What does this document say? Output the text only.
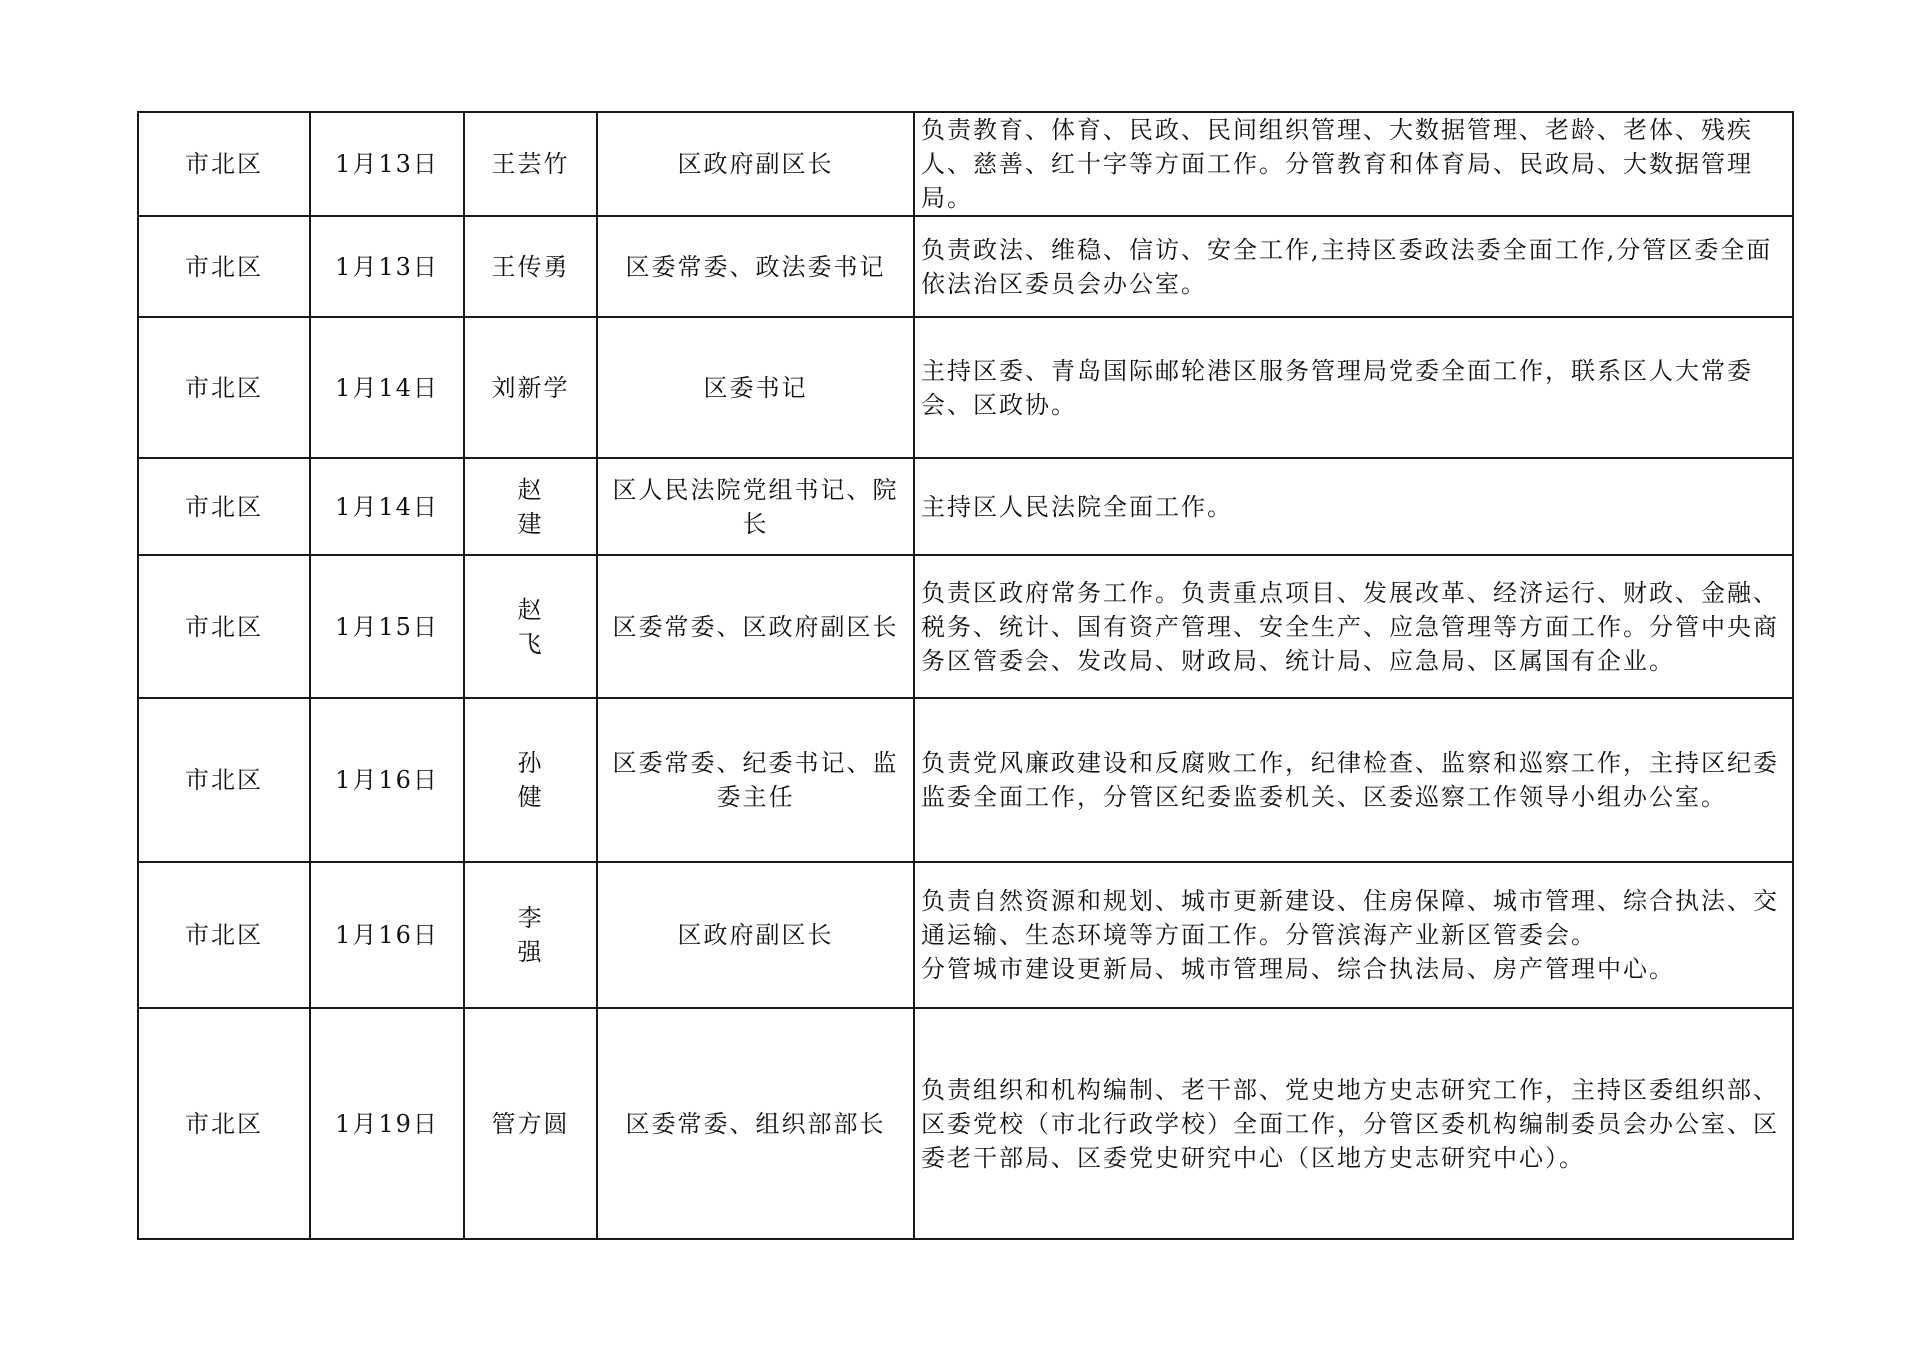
市北区	1月13日	王芸竹	区政府副区长	负责教育、体育、民政、民间组织管理、大数据管理、老龄、老体、残疾人、慈善、红十字等方面工作。分管教育和体育局、民政局、大数据管理局。
市北区	1月13日	王传勇	区委常委、政法委书记	负责政法、维稳、信访、安全工作,主持区委政法委全面工作,分管区委全面依法治区委员会办公室。
市北区	1月14日	刘新学	区委书记	主持区委、青岛国际邮轮港区服务管理局党委全面工作，联系区人大常委会、区政协。
市北区	1月14日	赵 建	区人民法院党组书记、院长	主持区人民法院全面工作。
市北区	1月15日	赵 飞	区委常委、区政府副区长	负责区政府常务工作。负责重点项目、发展改革、经济运行、财政、金融、税务、统计、国有资产管理、安全生产、应急管理等方面工作。分管中央商务区管委会、发改局、财政局、统计局、应急局、区属国有企业。
市北区	1月16日	孙 健	区委常委、纪委书记、监委主任	负责党风廉政建设和反腐败工作，纪律检查、监察和巡察工作，主持区纪委监委全面工作，分管区纪委监委机关、区委巡察工作领导小组办公室。
市北区	1月16日	李 强	区政府副区长	负责自然资源和规划、城市更新建设、住房保障、城市管理、综合执法、交通运输、生态环境等方面工作。分管滨海产业新区管委会。
分管城市建设更新局、城市管理局、综合执法局、房产管理中心。
市北区	1月19日	管方圆	区委常委、组织部部长	负责组织和机构编制、老干部、党史地方史志研究工作，主持区委组织部、区委党校（市北行政学校）全面工作，分管区委机构编制委员会办公室、区委老干部局、区委党史研究中心（区地方史志研究中心）。
